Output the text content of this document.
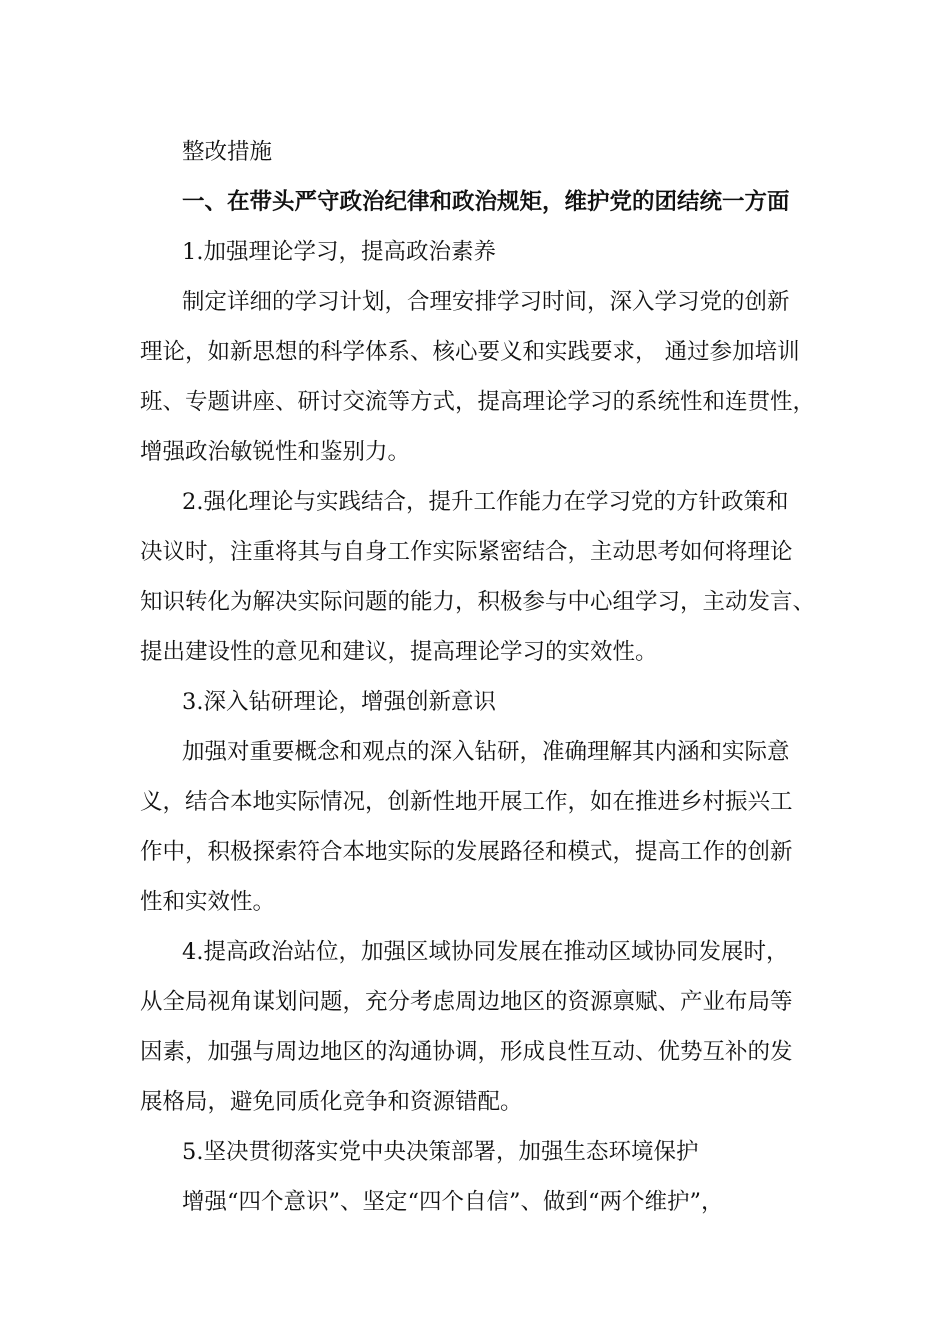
整改措施
一、在带头严守政治纪律和政治规矩，维护党的团结统一方面
1.加强理论学习，提高政治素养
制定详细的学习计划，合理安排学习时间，深入学习党的创新
理论，如新思想的科学体系、核心要义和实践要求， 通过参加培训
班、专题讲座、研讨交流等方式，提高理论学习的系统性和连贯性，
增强政治敏锐性和鉴别力。
2.强化理论与实践结合，提升工作能力在学习党的方针政策和
决议时，注重将其与自身工作实际紧密结合，主动思考如何将理论
知识转化为解决实际问题的能力，积极参与中心组学习，主动发言、
提出建设性的意见和建议，提高理论学习的实效性。
3.深入钻研理论，增强创新意识
加强对重要概念和观点的深入钻研，准确理解其内涵和实际意
义，结合本地实际情况，创新性地开展工作，如在推进乡村振兴工
作中，积极探索符合本地实际的发展路径和模式，提高工作的创新
性和实效性。
4.提高政治站位，加强区域协同发展在推动区域协同发展时，
从全局视角谋划问题，充分考虑周边地区的资源禀赋、产业布局等
因素，加强与周边地区的沟通协调，形成良性互动、优势互补的发
展格局，避免同质化竞争和资源错配。
5.坚决贯彻落实党中央决策部署，加强生态环境保护
增强“四个意识”、坚定“四个自信”、做到“两个维护”，
